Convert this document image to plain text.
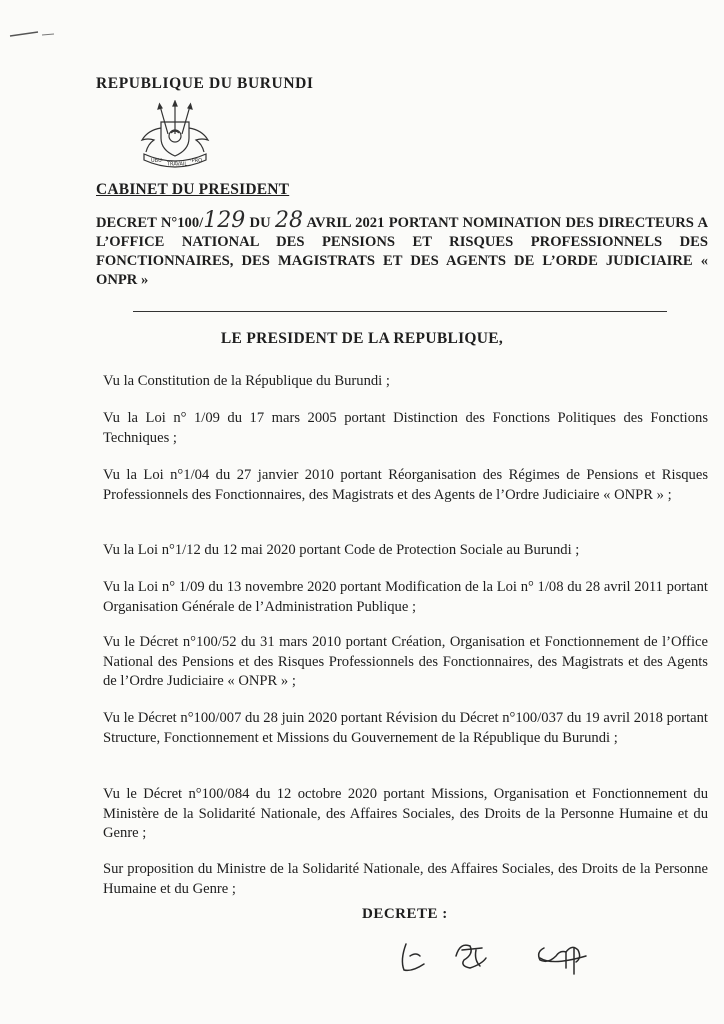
REPUBLIQUE DU BURUNDI
UBU·
TRAVAIL
·PRO
CABINET DU PRESIDENT
DECRET N°100/129 DU 28 AVRIL 2021 PORTANT NOMINATION DES DIRECTEURS A L’OFFICE NATIONAL DES PENSIONS ET RISQUES PROFESSIONNELS DES FONCTIONNAIRES, DES MAGISTRATS ET DES AGENTS DE L’ORDE JUDICIAIRE « ONPR »
LE PRESIDENT DE LA REPUBLIQUE,
Vu la Constitution de la République du Burundi ;
Vu la Loi n° 1/09 du 17 mars 2005 portant Distinction des Fonctions Politiques des Fonctions Techniques ;
Vu la Loi n°1/04 du 27 janvier 2010 portant Réorganisation des Régimes de Pensions et Risques Professionnels des Fonctionnaires, des Magistrats et des Agents de l’Ordre Judiciaire « ONPR » ;
Vu la Loi n°1/12 du 12 mai 2020 portant Code de Protection Sociale au Burundi ;
Vu la Loi n° 1/09 du 13 novembre 2020 portant Modification de la Loi n° 1/08 du 28 avril 2011 portant Organisation Générale de l’Administration Publique ;
Vu le Décret n°100/52 du 31 mars 2010 portant Création, Organisation et Fonctionnement de l’Office National des Pensions et des Risques Professionnels des Fonctionnaires, des Magistrats et des Agents de l’Ordre Judiciaire « ONPR » ;
Vu le Décret n°100/007 du 28 juin 2020 portant Révision du Décret n°100/037 du 19 avril 2018 portant Structure, Fonctionnement et Missions du Gouvernement de la République du Burundi ;
Vu le Décret n°100/084 du 12 octobre 2020 portant Missions, Organisation et Fonctionnement du Ministère de la Solidarité Nationale, des Affaires Sociales, des Droits de la Personne Humaine et du Genre ;
Sur proposition du Ministre de la Solidarité Nationale, des Affaires Sociales, des Droits de la Personne Humaine et du Genre ;
DECRETE :
